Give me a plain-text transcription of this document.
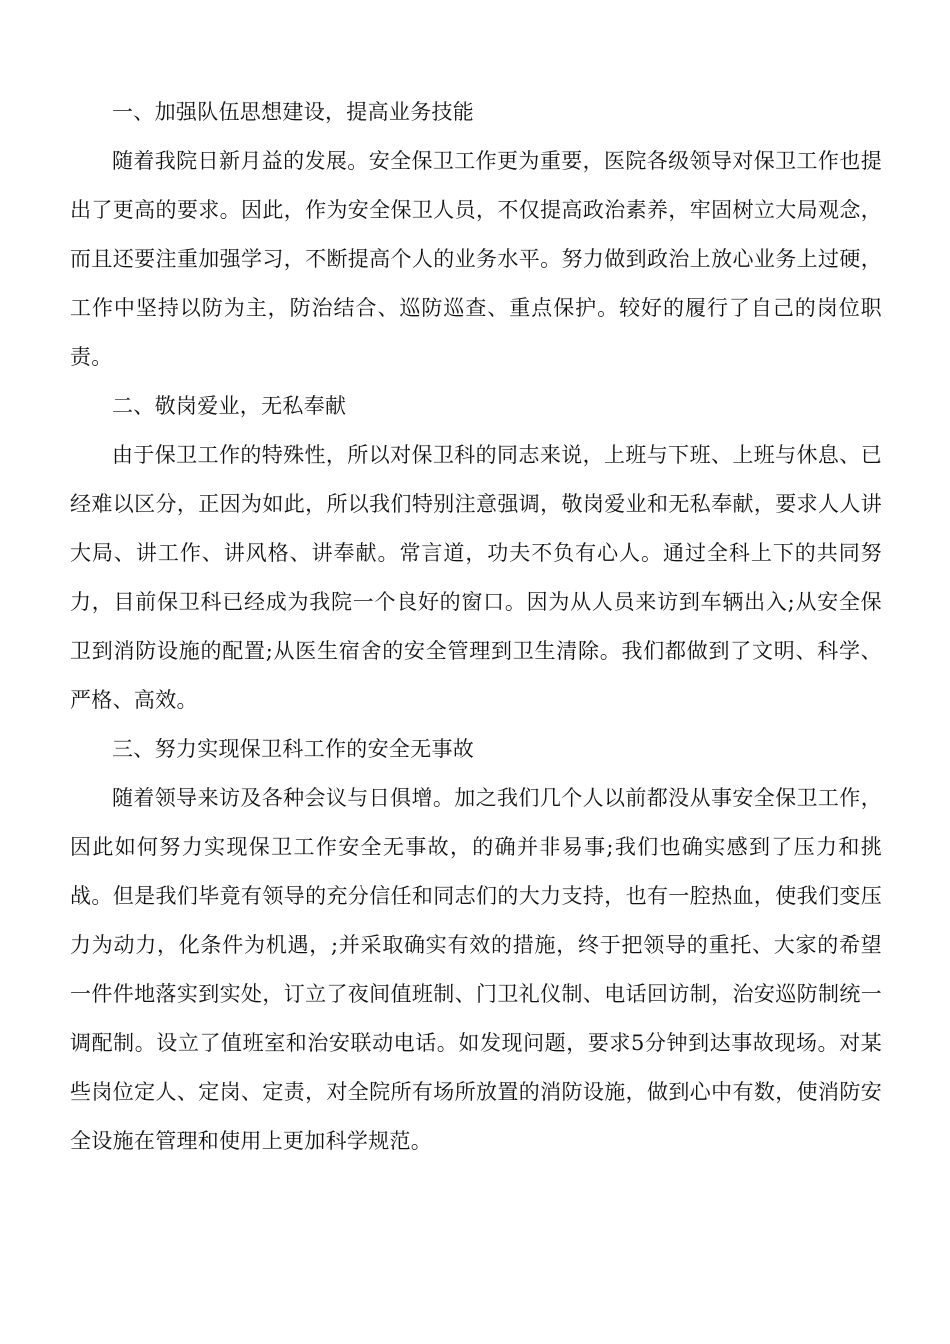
一、加强队伍思想建设，提高业务技能

随着我院日新月益的发展。安全保卫工作更为重要，医院各级领导对保卫工作也提出了更高的要求。因此，作为安全保卫人员，不仅提高政治素养，牢固树立大局观念，而且还要注重加强学习，不断提高个人的业务水平。努力做到政治上放心业务上过硬，工作中坚持以防为主，防治结合、巡防巡查、重点保护。较好的履行了自己的岗位职责。

二、敬岗爱业，无私奉献

由于保卫工作的特殊性，所以对保卫科的同志来说，上班与下班、上班与休息、已经难以区分，正因为如此，所以我们特别注意强调，敬岗爱业和无私奉献，要求人人讲大局、讲工作、讲风格、讲奉献。常言道，功夫不负有心人。通过全科上下的共同努力，目前保卫科已经成为我院一个良好的窗口。因为从人员来访到车辆出入;从安全保卫到消防设施的配置;从医生宿舍的安全管理到卫生清除。我们都做到了文明、科学、严格、高效。

三、努力实现保卫科工作的安全无事故

随着领导来访及各种会议与日俱增。加之我们几个人以前都没从事安全保卫工作，因此如何努力实现保卫工作安全无事故，的确并非易事;我们也确实感到了压力和挑战。但是我们毕竟有领导的充分信任和同志们的大力支持，也有一腔热血，使我们变压力为动力，化条件为机遇，;并采取确实有效的措施，终于把领导的重托、大家的希望一件件地落实到实处，订立了夜间值班制、门卫礼仪制、电话回访制，治安巡防制统一调配制。设立了值班室和治安联动电话。如发现问题，要求5分钟到达事故现场。对某些岗位定人、定岗、定责，对全院所有场所放置的消防设施，做到心中有数，使消防安全设施在管理和使用上更加科学规范。
